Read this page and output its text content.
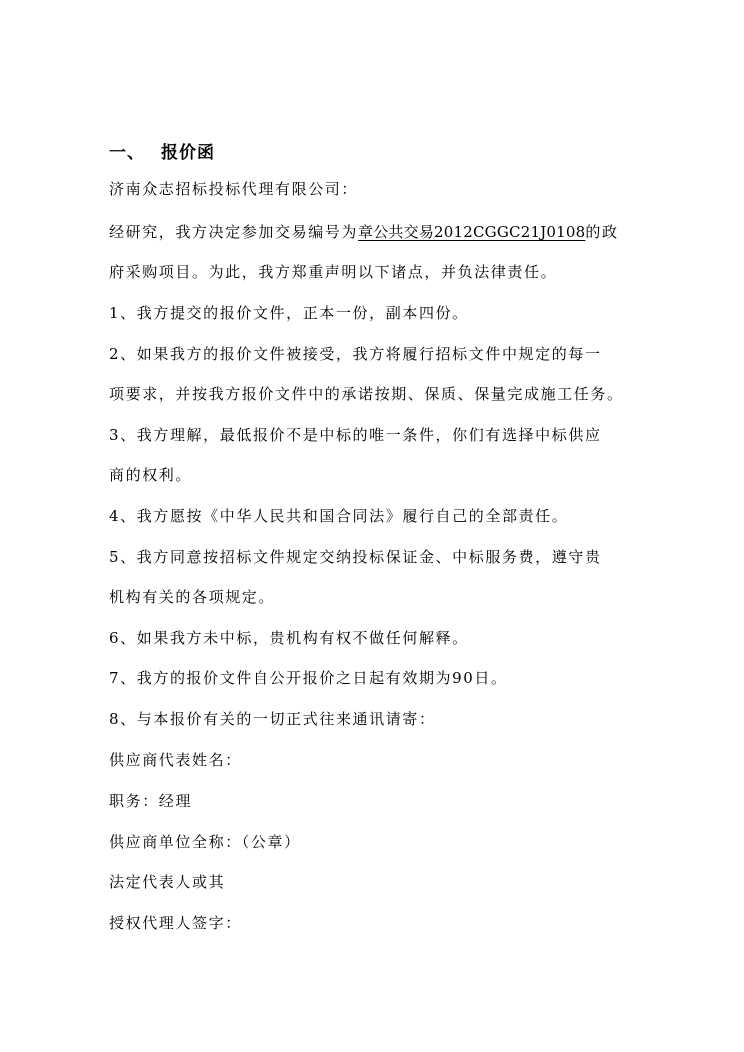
一、 报价函
济南众志招标投标代理有限公司：
经研究，我方决定参加交易编号为章公共交易2012CGGC21J0108的政
府采购项目。为此，我方郑重声明以下诸点，并负法律责任。
1、我方提交的报价文件，正本一份，副本四份。
2、如果我方的报价文件被接受，我方将履行招标文件中规定的每一
项要求，并按我方报价文件中的承诺按期、保质、保量完成施工任务。
3、我方理解，最低报价不是中标的唯一条件，你们有选择中标供应
商的权利。
4、我方愿按《中华人民共和国合同法》履行自己的全部责任。
5、我方同意按招标文件规定交纳投标保证金、中标服务费，遵守贵
机构有关的各项规定。
6、如果我方未中标，贵机构有权不做任何解释。
7、我方的报价文件自公开报价之日起有效期为90日。
8、与本报价有关的一切正式往来通讯请寄：
供应商代表姓名：
职务：经理
供应商单位全称：（公章）
法定代表人或其
授权代理人签字：
